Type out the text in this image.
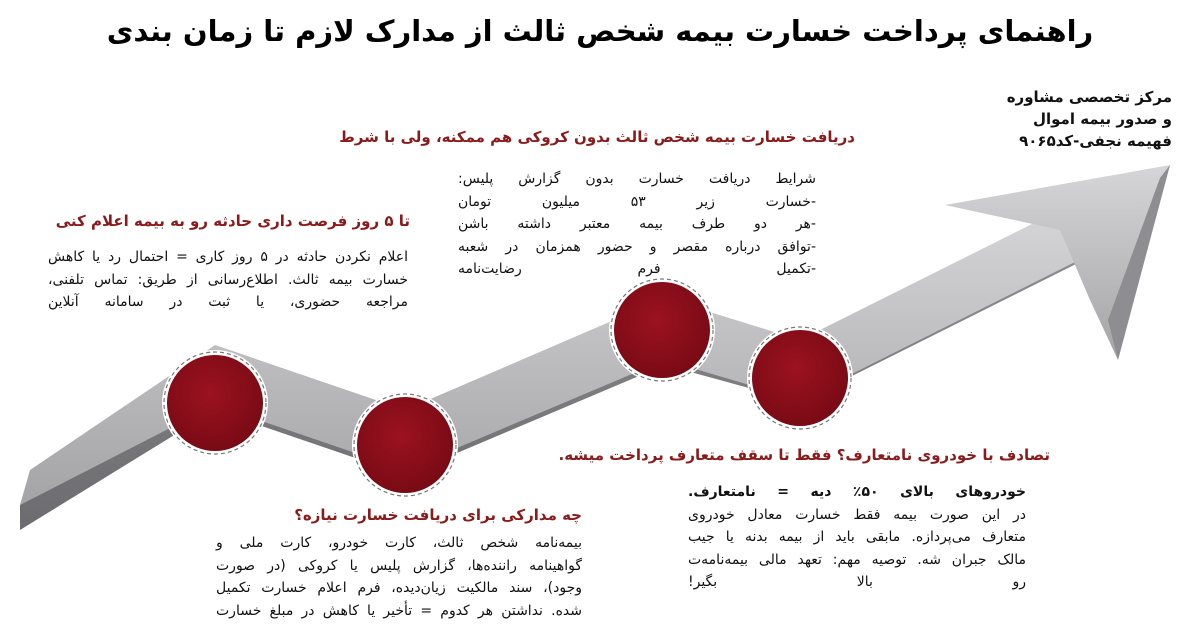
راهنمای پرداخت خسارت بیمه شخص ثالث از مدارک لازم تا زمان بندی
مرکز تخصصی مشاوره
و صدور بیمه اموال
فهیمه نجفی-کد۹۰۶۵
تا ۵ روز فرصت داری حادثه رو به بیمه اعلام کنی
اعلام نکردن حادثه در ۵ روز کاری = احتمال رد یا کاهش
خسارت بیمه ثالث. اطلاع‌رسانی از طریق: تماس تلفنی،
مراجعه حضوری، یا ثبت در سامانه آنلاین
دریافت خسارت بیمه شخص ثالث بدون کروکی هم ممکنه، ولی با شرط
شرایط دریافت خسارت بدون گزارش پلیس:
-خسارت زیر ۵۳ میلیون تومان
-هر دو طرف بیمه معتبر داشته باشن
-توافق درباره مقصر و حضور همزمان در شعبه
-تکمیل فرم رضایت‌نامه
چه مدارکی برای دریافت خسارت نیازه؟
بیمه‌نامه شخص ثالث، کارت خودرو، کارت ملی و
گواهینامه راننده‌ها، گزارش پلیس یا کروکی (در صورت
وجود)، سند مالکیت زیان‌دیده، فرم اعلام خسارت تکمیل
شده. نداشتن هر کدوم = تأخیر یا کاهش در مبلغ خسارت
تصادف با خودروی نامتعارف؟ فقط تا سقف متعارف پرداخت میشه.
خودروهای بالای ۵۰٪ دیه = نامتعارف.
در این صورت بیمه فقط خسارت معادل خودروی
متعارف می‌پردازه. مابقی باید از بیمه بدنه یا جیب
مالک جبران شه. توصیه مهم: تعهد مالی بیمه‌نامه‌ت
رو بالا بگیر!
